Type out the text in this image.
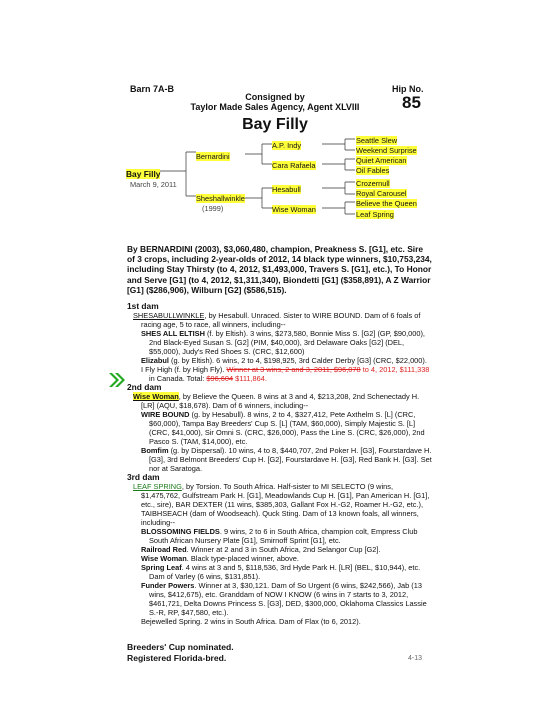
Barn 7A-B	Hip No.
85
Consigned by
Taylor Made Sales Agency, Agent XLVIII
Bay Filly
Bay Filly
March 9, 2011
Bernardini
Sheshallwinkle
(1999)
A.P. Indy
Cara Rafaela
Hesabull
Wise Woman
Seattle Slew
Weekend Surprise
Quiet American
Oil Fables
Crozernull
Royal Carousel
Believe the Queen
Leaf Spring
By BERNARDINI (2003), $3,060,480, champion, Preakness S. [G1], etc. Sire of 3 crops, including 2-year-olds of 2012, 14 black type winners, $10,753,234, including Stay Thirsty (to 4, 2012, $1,493,000, Travers S. [G1], etc.), To Honor and Serve [G1] (to 4, 2012, $1,311,340), Biondetti [G1] ($358,891), A Z Warrior [G1] ($286,906), Wilburn [G2] ($586,515).

1st dam

SHESABULLWINKLE, by Hesabull. Unraced. Sister to WIRE BOUND. Dam of 6 foals of racing age, 5 to race, all winners, including--

SHES ALL ELTISH (f. by Eltish). 3 wins, $273,580, Bonnie Miss S. [G2] (GP, $90,000), 2nd Black-Eyed Susan S. [G2] (PIM, $40,000), 3rd Delaware Oaks [G2] (DEL, $55,000), Judy's Red Shoes S. (CRC, $12,600)

Elizabul (g. by Eltish). 6 wins, 2 to 4, $198,925, 3rd Calder Derby [G3] (CRC, $22,000).

I Fly High (f. by High Fly). Winner at 3 wins, 2 and 3, 2011, $96,078 to 4, 2012, $111,338 in Canada. Total: $96,604 $111,864.

2nd dam

Wise Woman, by Believe the Queen. 8 wins at 3 and 4, $213,208, 2nd Schenectady H. [LR] (AQU, $18,678). Dam of 6 winners, including--

WIRE BOUND (g. by Hesabull). 8 wins, 2 to 4, $327,412, Pete Axthelm S. [L] (CRC, $60,000), Tampa Bay Breeders' Cup S. [L] (TAM, $60,000), Simply Majestic S. [L] (CRC, $41,000), Sir Omni S. (CRC, $26,000), Pass the Line S. (CRC, $26,000), 2nd Pasco S. (TAM, $14,000), etc.

Bomfim (g. by Dispersal). 10 wins, 4 to 8, $440,707, 2nd Poker H. [G3], Fourstardave H. [G3], 3rd Belmont Breeders' Cup H. [G2], Fourstardave H. [G3], Red Bank H. [G3]. Set nor at Saratoga.

3rd dam

LEAF SPRING, by Torsion. To South Africa. Half-sister to MI SELECTO (9 wins, $1,475,762, Gulfstream Park H. [G1], Meadowlands Cup H. [G1], Pan American H. [G1], etc., sire), BAR DEXTER (11 wins, $385,303, Gallant Fox H.-G2, Roamer H.-G2, etc.), TAIBHSEACH (dam of Woodseach). Quck Sting. Dam of 13 known foals, all winners, including--

BLOSSOMING FIELDS. 9 wins, 2 to 6 in South Africa, champion colt, Empress Club South African Nursery Plate [G1], Smirnoff Sprint [G1], etc.

Railroad Red. Winner at 2 and 3 in South Africa, 2nd Selangor Cup [G2].

Wise Woman. Black type-placed winner, above.

Spring Leaf. 4 wins at 3 and 5, $118,536, 3rd Hyde Park H. [LR] (BEL, $10,944), etc. Dam of Varley (6 wins, $131,851).

Funder Powers. Winner at 3, $30,121. Dam of So Urgent (6 wins, $242,566), Jab (13 wins, $412,675), etc. Granddam of NOW I KNOW (6 wins in 7 starts to 3, 2012, $461,721, Delta Downs Princess S. [G3], DED, $300,000, Oklahoma Classics Lassie S.-R, RP, $47,580, etc.).

Bejewelled Spring. 2 wins in South Africa. Dam of Flax (to 6, 2012).

Breeders' Cup nominated.
Registered Florida-bred.	4-13
